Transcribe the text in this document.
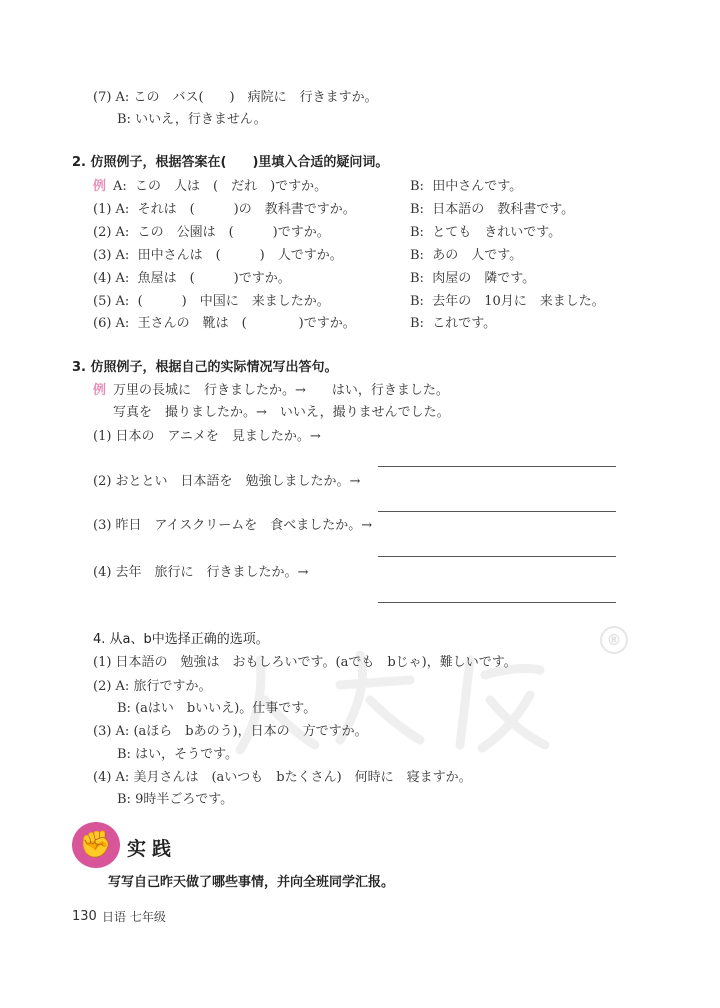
®
(7) A: この　バス(　　)　病院に　行きますか。
B: いいえ，行きません。
2. 仿照例子，根据答案在(　　)里填入合适的疑问词。
例 A:  この　人は　(　だれ　)ですか。	B:  田中さんです。
(1) A:  それは　(　　　)の　教科書ですか。	B:  日本語の　教科書です。
(2) A:  この　公園は　(　　　)ですか。	B:  とても　きれいです。
(3) A:  田中さんは　(　　　)　人ですか。	B:  あの　人です。
(4) A:  魚屋は　(　　　)ですか。	B:  肉屋の　隣です。
(5) A:  (　　　)　中国に　来ましたか。	B:  去年の　10月に　来ました。
(6) A:  王さんの　靴は　(　　　　)ですか。	B:  これです。
3. 仿照例子，根据自己的实际情况写出答句。
例 万里の長城に　行きましたか。→　　はい，行きました。
写真を　撮りましたか。→　いいえ，撮りませんでした。
(1) 日本の　アニメを　見ましたか。→
(2) おととい　日本語を　勉強しましたか。→
(3) 昨日　アイスクリームを　食べましたか。→
(4) 去年　旅行に　行きましたか。→
4. 从a、b中选择正确的选项。
(1) 日本語の　勉強は　おもしろいです。(aでも　bじゃ)，難しいです。
(2) A: 旅行ですか。
B: (aはい　bいいえ)。仕事です。
(3) A: (aほら　bあのう)，日本の　方ですか。
B: はい，そうです。
(4) A: 美月さんは　(aいつも　bたくさん)　何時に　寝ますか。
B: 9時半ごろです。
✊ 实践
写写自己昨天做了哪些事情，并向全班同学汇报。
130 日语 七年级
